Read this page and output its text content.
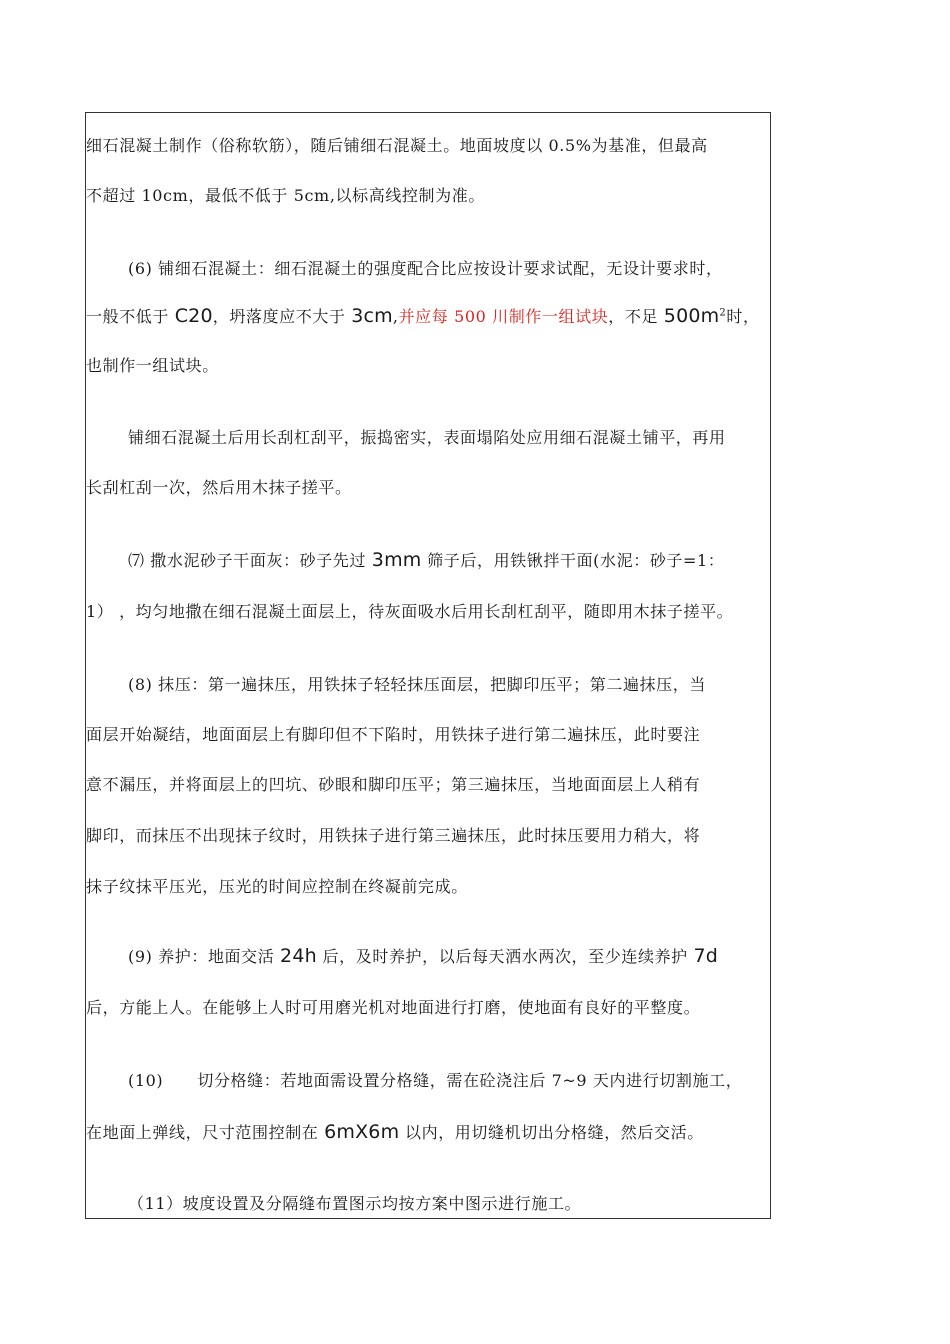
细石混凝土制作（俗称软筋），随后铺细石混凝土。地面坡度以 0.5%为基准，但最高
不超过 10cm，最低不低于 5cm,以标高线控制为准。
(6) 铺细石混凝土：细石混凝土的强度配合比应按设计要求试配，无设计要求时，
一般不低于 C20，坍落度应不大于 3cm,并应每 500 川制作一组试块，不足 $500m^2$时，
也制作一组试块。
铺细石混凝土后用长刮杠刮平，振捣密实，表面塌陷处应用细石混凝土铺平，再用
长刮杠刮一次，然后用木抹子搓平。
⑺ 撒水泥砂子干面灰：砂子先过 3mm 筛子后，用铁锹拌干面(水泥：砂子=1：
1） ，均匀地撒在细石混凝土面层上，待灰面吸水后用长刮杠刮平，随即用木抹子搓平。
(8) 抹压：第一遍抹压，用铁抹子轻轻抹压面层，把脚印压平；第二遍抹压，当
面层开始凝结，地面面层上有脚印但不下陷时，用铁抹子进行第二遍抹压，此时要注
意不漏压，并将面层上的凹坑、砂眼和脚印压平；第三遍抹压，当地面面层上人稍有
脚印，而抹压不出现抹子纹时，用铁抹子进行第三遍抹压，此时抹压要用力稍大，将
抹子纹抹平压光，压光的时间应控制在终凝前完成。
(9) 养护：地面交活 24h 后，及时养护，以后每天洒水两次，至少连续养护 7d
后，方能上人。在能够上人时可用磨光机对地面进行打磨，使地面有良好的平整度。
(10)      切分格缝：若地面需设置分格缝，需在砼浇注后 7~9 天内进行切割施工，
在地面上弹线，尺寸范围控制在 6mX6m 以内，用切缝机切出分格缝，然后交活。
（11）坡度设置及分隔缝布置图示均按方案中图示进行施工。
